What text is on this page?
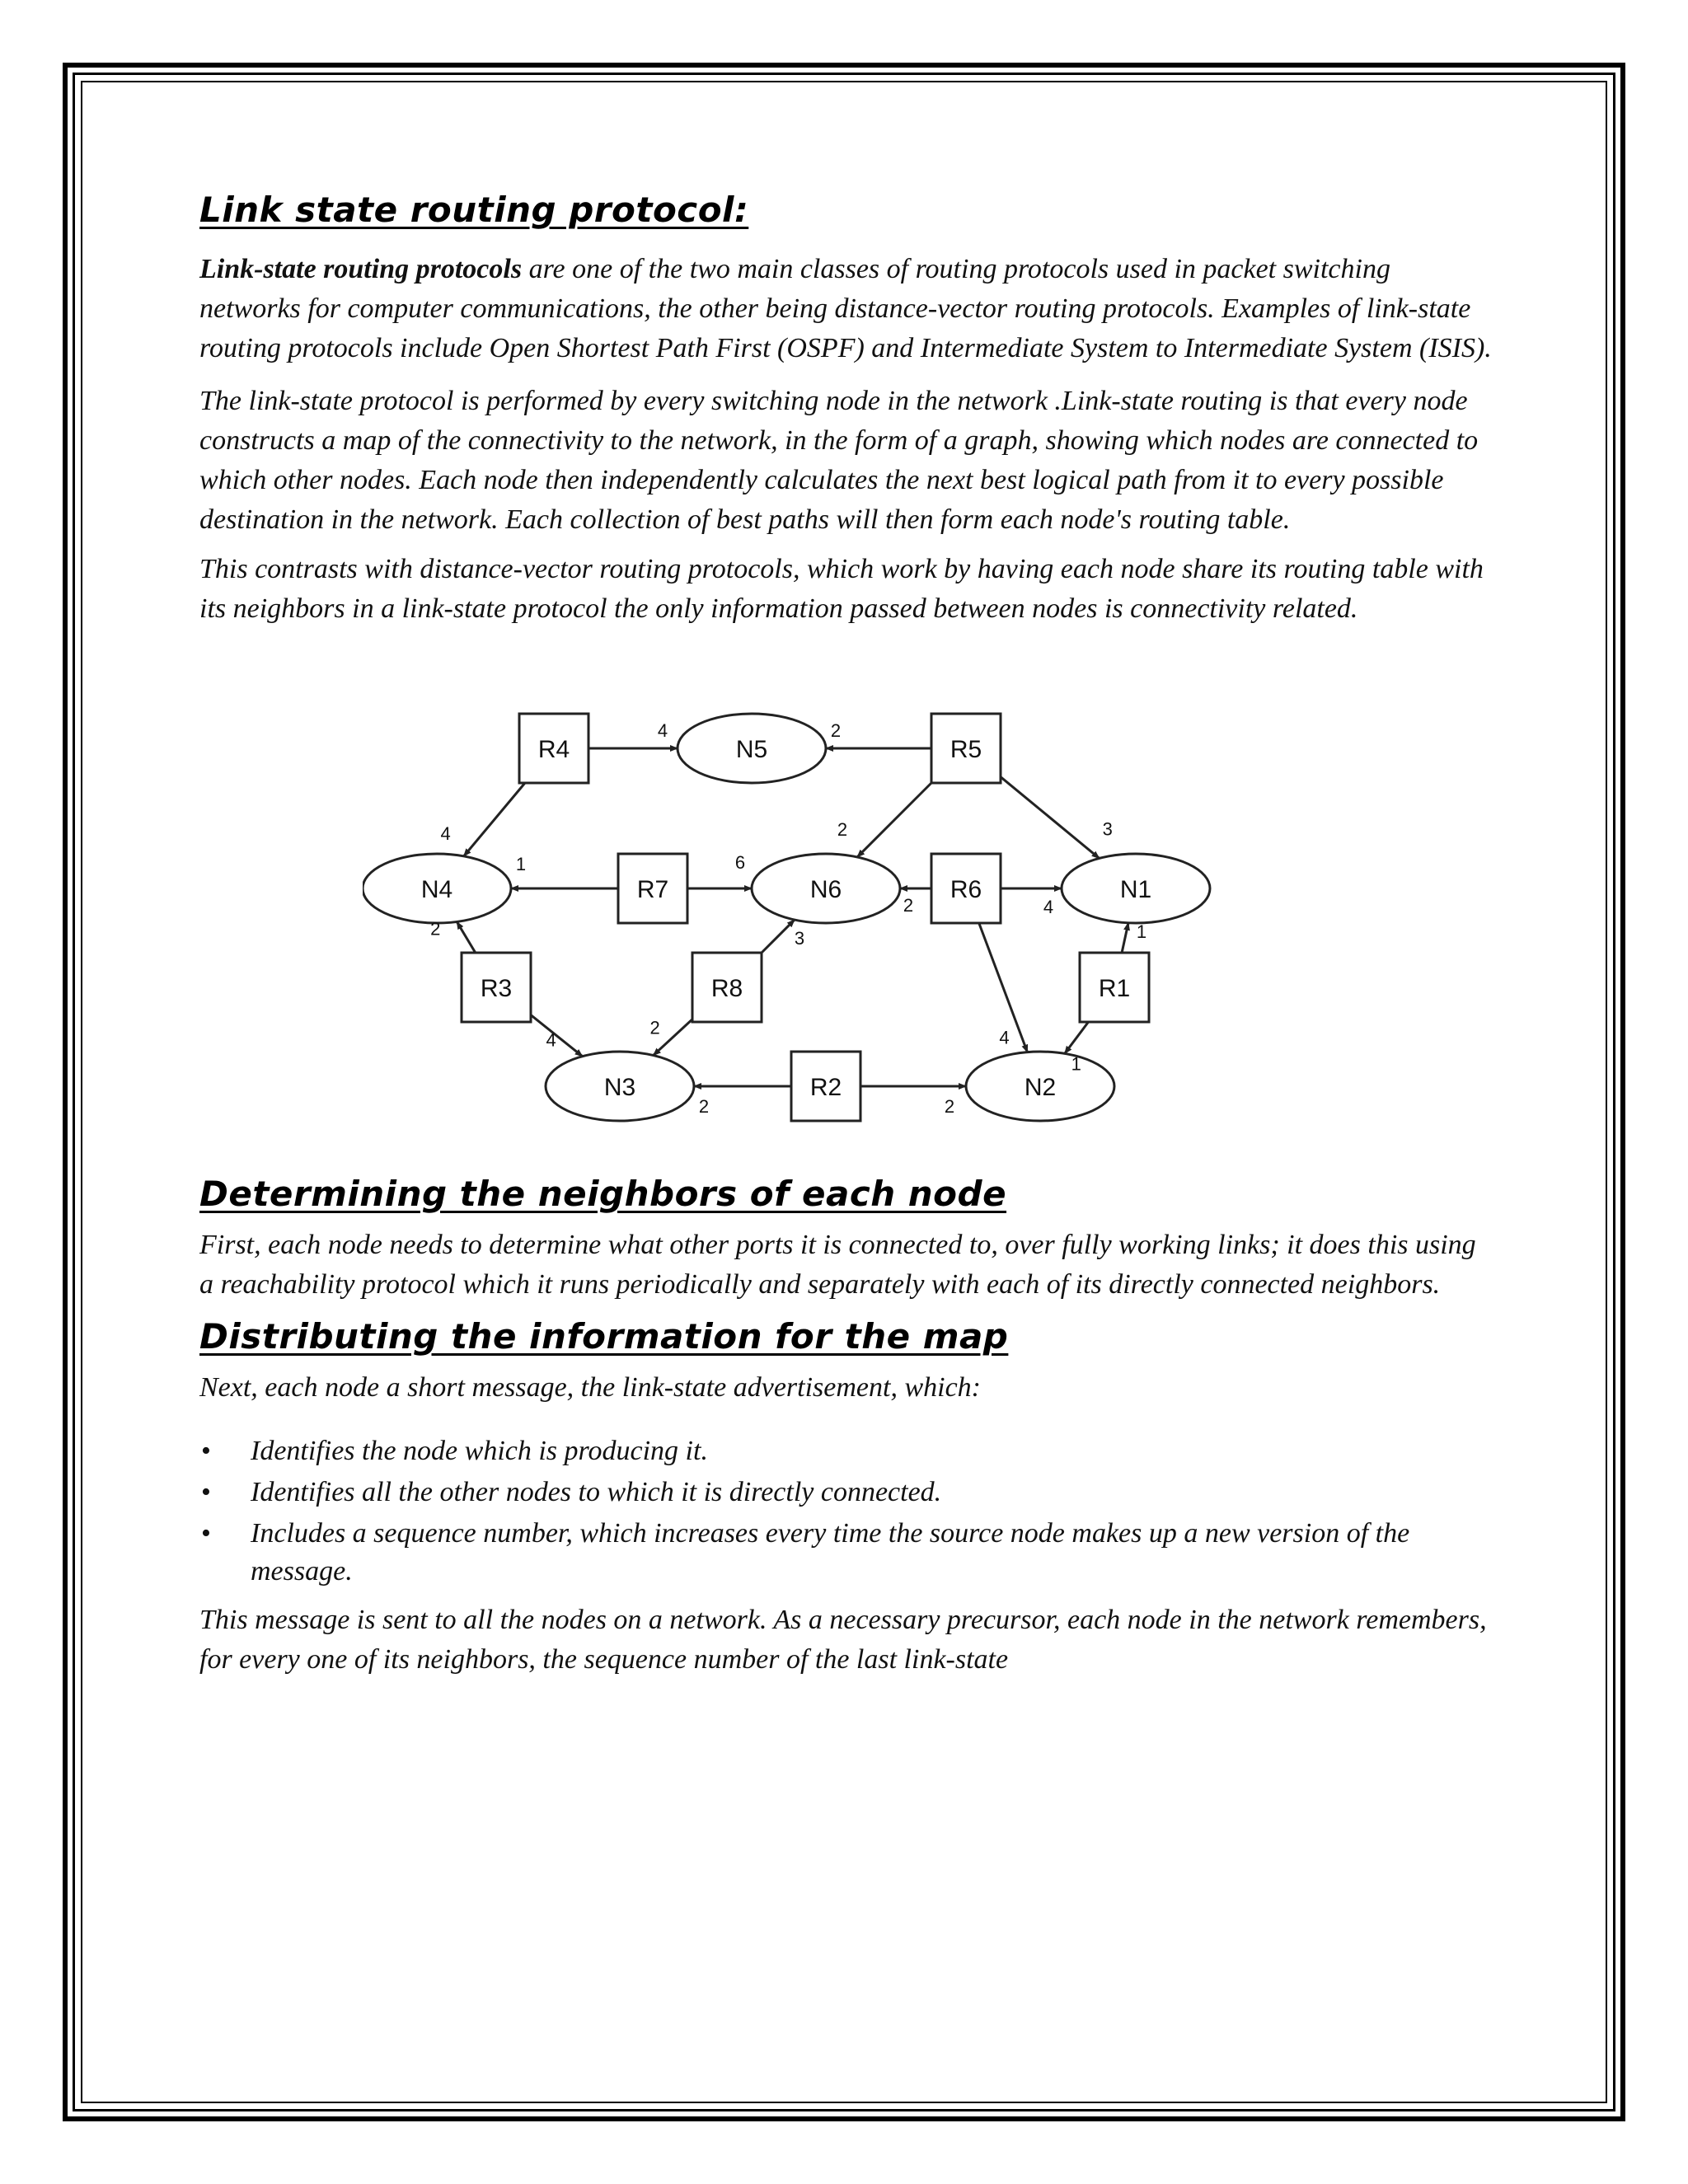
Link state routing protocol:

Link-state routing protocols are one of the two main classes of routing protocols used in packet switching networks for computer communications, the other being distance-vector routing protocols. Examples of link-state routing protocols include Open Shortest Path First (OSPF) and Intermediate System to Intermediate System (ISIS).

The link-state protocol is performed by every switching node in the network .Link-state routing is that every node constructs a map of the connectivity to the network, in the form of a graph, showing which nodes are connected to which other nodes. Each node then independently calculates the next best logical path from it to every possible destination in the network. Each collection of best paths will then form each node's routing table.

This contrasts with distance-vector routing protocols, which work by having each node share its routing table with its neighbors in a link-state protocol the only information passed between nodes is connectivity related.

R4	N5	R5
N4	R7	N6	R6	N1
R3	R8	R1
N3	R2	N2
4	2
4	2	3
1	6
2	4
2	3	1
4
2	4
1
2	2
Determining the neighbors of each node

First, each node needs to determine what other ports it is connected to, over fully working links; it does this using a reachability protocol which it runs periodically and separately with each of its directly connected neighbors.

Distributing the information for the map

Next, each node a short message, the link-state advertisement, which:

• Identifies the node which is producing it.
• Identifies all the other nodes to which it is directly connected.
• Includes a sequence number, which increases every time the source node makes up a new version of the message.

This message is sent to all the nodes on a network. As a necessary precursor, each node in the network remembers, for every one of its neighbors, the sequence number of the last link-state
